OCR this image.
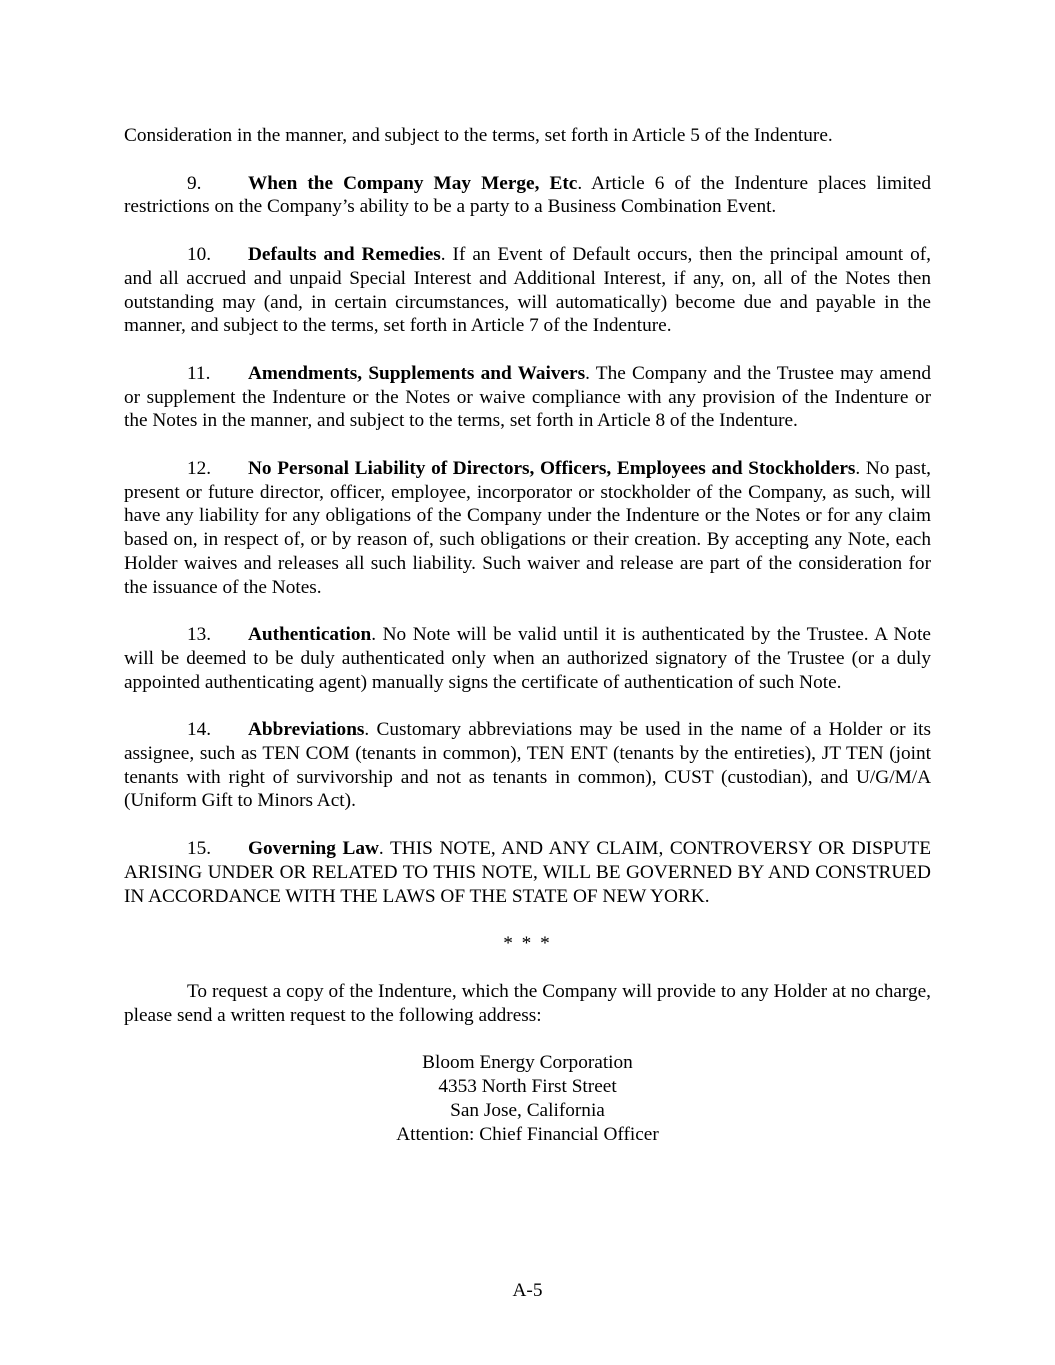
Consideration in the manner, and subject to the terms, set forth in Article 5 of the Indenture.

9. When the Company May Merge, Etc. Article 6 of the Indenture places limited restrictions on the Company’s ability to be a party to a Business Combination Event.

10. Defaults and Remedies. If an Event of Default occurs, then the principal amount of, and all accrued and unpaid Special Interest and Additional Interest, if any, on, all of the Notes then outstanding may (and, in certain circumstances, will automatically) become due and payable in the manner, and subject to the terms, set forth in Article 7 of the Indenture.

11. Amendments, Supplements and Waivers. The Company and the Trustee may amend or supplement the Indenture or the Notes or waive compliance with any provision of the Indenture or the Notes in the manner, and subject to the terms, set forth in Article 8 of the Indenture.

12. No Personal Liability of Directors, Officers, Employees and Stockholders. No past, present or future director, officer, employee, incorporator or stockholder of the Company, as such, will have any liability for any obligations of the Company under the Indenture or the Notes or for any claim based on, in respect of, or by reason of, such obligations or their creation. By accepting any Note, each Holder waives and releases all such liability. Such waiver and release are part of the consideration for the issuance of the Notes.

13. Authentication. No Note will be valid until it is authenticated by the Trustee. A Note will be deemed to be duly authenticated only when an authorized signatory of the Trustee (or a duly appointed authenticating agent) manually signs the certificate of authentication of such Note.

14. Abbreviations. Customary abbreviations may be used in the name of a Holder or its assignee, such as TEN COM (tenants in common), TEN ENT (tenants by the entireties), JT TEN (joint tenants with right of survivorship and not as tenants in common), CUST (custodian), and U/G/M/A (Uniform Gift to Minors Act).

15. Governing Law. THIS NOTE, AND ANY CLAIM, CONTROVERSY OR DISPUTE ARISING UNDER OR RELATED TO THIS NOTE, WILL BE GOVERNED BY AND CONSTRUED IN ACCORDANCE WITH THE LAWS OF THE STATE OF NEW YORK.

* * *

To request a copy of the Indenture, which the Company will provide to any Holder at no charge, please send a written request to the following address:

Bloom Energy Corporation
4353 North First Street
San Jose, California
Attention: Chief Financial Officer
A-5
